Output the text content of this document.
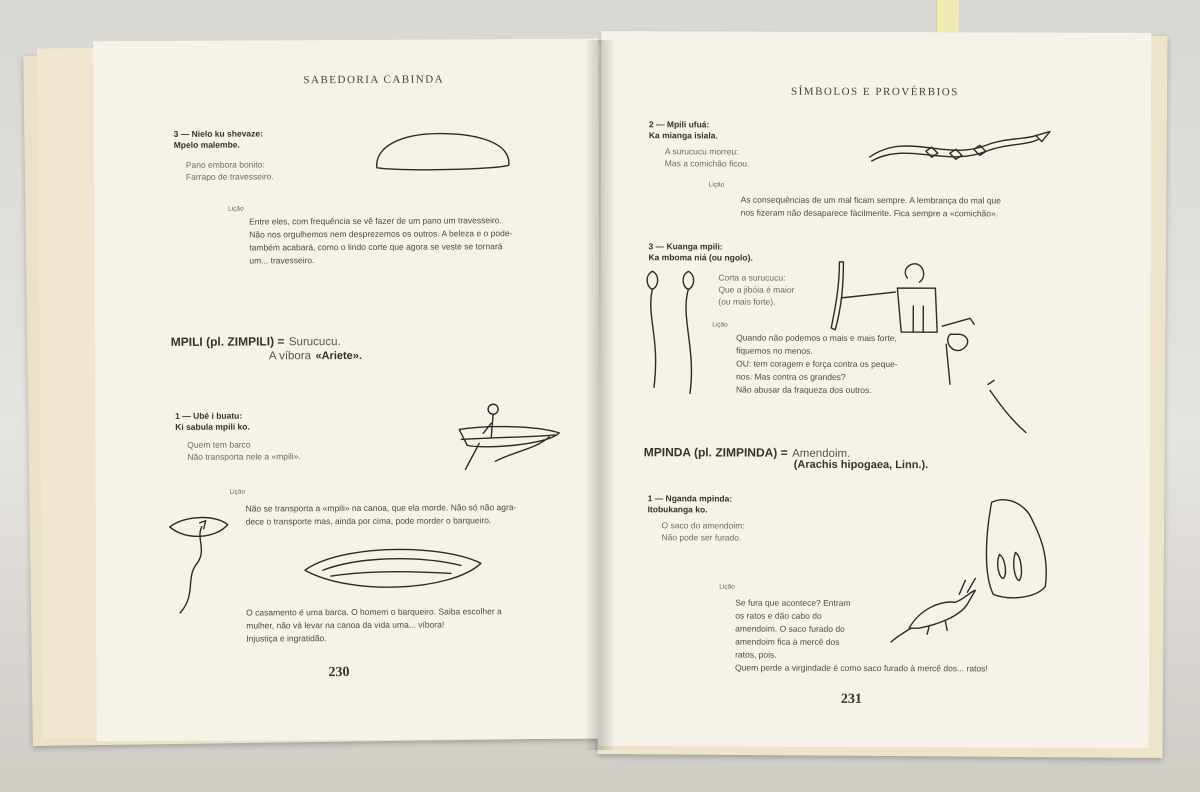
SABEDORIA CABINDA
3 — Nielo ku shevaze:
Mpelo malembe.
Pano embora bonito:
Farrapo de travesseiro.
Lição
Entre eles, com frequência se vê fazer de um pano um travesseiro.
Não nos orgulhemos nem desprezemos os outros. A beleza e o pode-
também acabará, como o lindo corte que agora se veste se tornará
um... travesseiro.
MPILI (pl. ZIMPILI) = Surucucu.
A víbora «Ariete».
1 — Ubé i buatu:
Ki sabula mpili ko.
Quem tem barco
Não transporta nele a «mpili».
Lição
Não se transporta a «mpili» na canoa, que ela morde. Não só não agra-
dece o transporte mas, ainda por cima, pode morder o barqueiro.
O casamento é uma barca. O homem o barqueiro. Saiba escolher a
mulher, não vá levar na canoa da vida uma... víbora!
Injustiça e ingratidão.
230
SÍMBOLOS E PROVÉRBIOS
2 — Mpili ufuá:
Ka mianga isiala.
A surucucu morreu:
Mas a comichão ficou.
Lição
As consequências de um mal ficam sempre. A lembrança do mal que
nos fizeram não desaparece fàcilmente. Fica sempre a «comichão».
3 — Kuanga mpili:
Ka mboma niá (ou ngolo).
Corta a surucucu:
Que a jibóia é maior
(ou mais forte).
Lição
Quando não podemos o mais e mais forte,
fiquemos no menos.
OU: tem coragem e força contra os peque-
nos. Mas contra os grandes?
Não abusar da fraqueza dos outros.
MPINDA (pl. ZIMPINDA) = Amendoim.
(Arachis hipogaea, Linn.).
1 — Nganda mpinda:
Itobukanga ko.
O saco do amendoim:
Não pode ser furado.
Lição
Se fura que acontece? Entram
os ratos e dão cabo do
amendoim. O saco furado do
amendoim fica à mercê dos
ratos, pois.
Quem perde a virgindade é como saco furado à mercê dos... ratos!
231
